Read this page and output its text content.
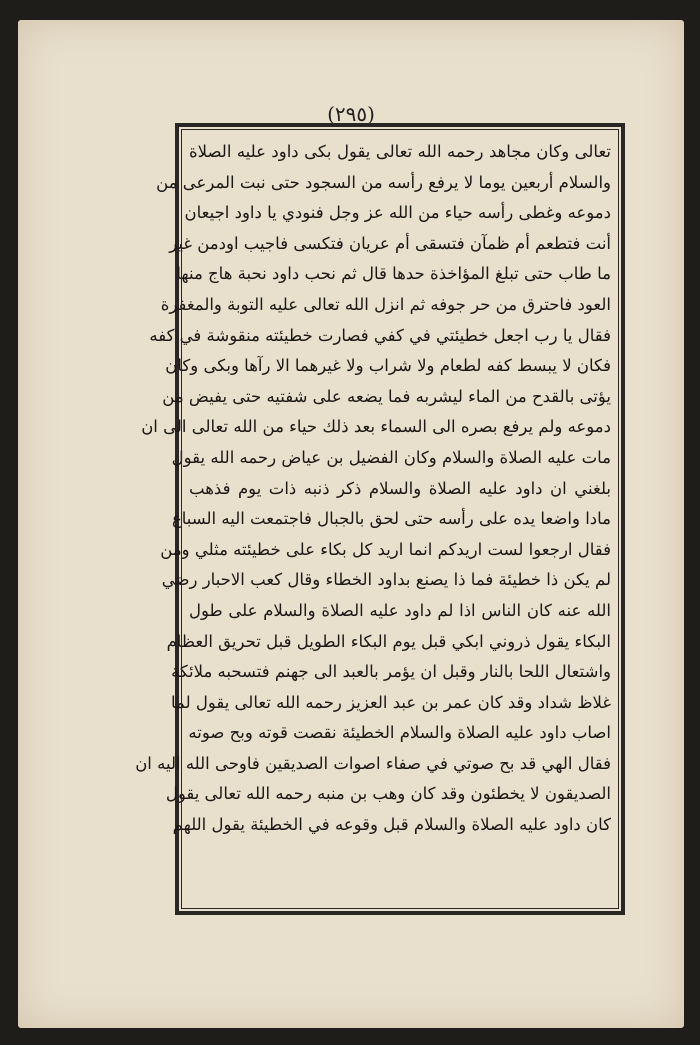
(٢٩٥)
تعالى وكان مجاهد رحمه الله تعالى يقول بكى داود عليه الصلاة
والسلام أربعين يوما لا يرفع رأسه من السجود حتى نبت المرعى من
دموعه وغطى رأسه حياء من الله عز وجل فنودي يا داود اجيعان
أنت فتطعم أم ظمآن فتسقى أم عريان فتكسى فاجيب اودمن غير
ما طاب حتى تبلغ المؤاخذة حدها قال ثم نحب داود نحبة هاج منها
العود فاحترق من حر جوفه ثم انزل الله تعالى عليه التوبة والمغفرة
فقال يا رب اجعل خطيئتي في كفي فصارت خطيئته منقوشة في كفه
فكان لا يبسط كفه لطعام ولا شراب ولا غيرهما الا رآها وبكى وكان
يؤتى بالقدح من الماء ليشربه فما يضعه على شفتيه حتى يفيض من
دموعه ولم يرفع بصره الى السماء بعد ذلك حياء من الله تعالى الى ان
مات عليه الصلاة والسلام وكان الفضيل بن عياض رحمه الله يقول
بلغني ان داود عليه الصلاة والسلام ذكر ذنبه ذات يوم فذهب
مادا واضعا يده على رأسه حتى لحق بالجبال فاجتمعت اليه السباع
فقال ارجعوا لست اريدكم انما اريد كل بكاء على خطيئته مثلي ومن
لم يكن ذا خطيئة فما ذا يصنع بداود الخطاء وقال كعب الاحبار رضي
الله عنه كان الناس اذا لم داود عليه الصلاة والسلام على طول
البكاء يقول ذروني ابكي قبل يوم البكاء الطويل قبل تحريق العظام
واشتعال اللحا بالنار وقبل ان يؤمر بالعبد الى جهنم فتسحبه ملائكة
غلاظ شداد وقد كان عمر بن عبد العزيز رحمه الله تعالى يقول لما
اصاب داود عليه الصلاة والسلام الخطيئة نقصت قوته وبح صوته
فقال الهي قد بح صوتي في صفاء اصوات الصديقين فاوحى الله اليه ان
الصديقون لا يخطئون وقد كان وهب بن منبه رحمه الله تعالى يقول
كان داود عليه الصلاة والسلام قبل وقوعه في الخطيئة يقول اللهم
